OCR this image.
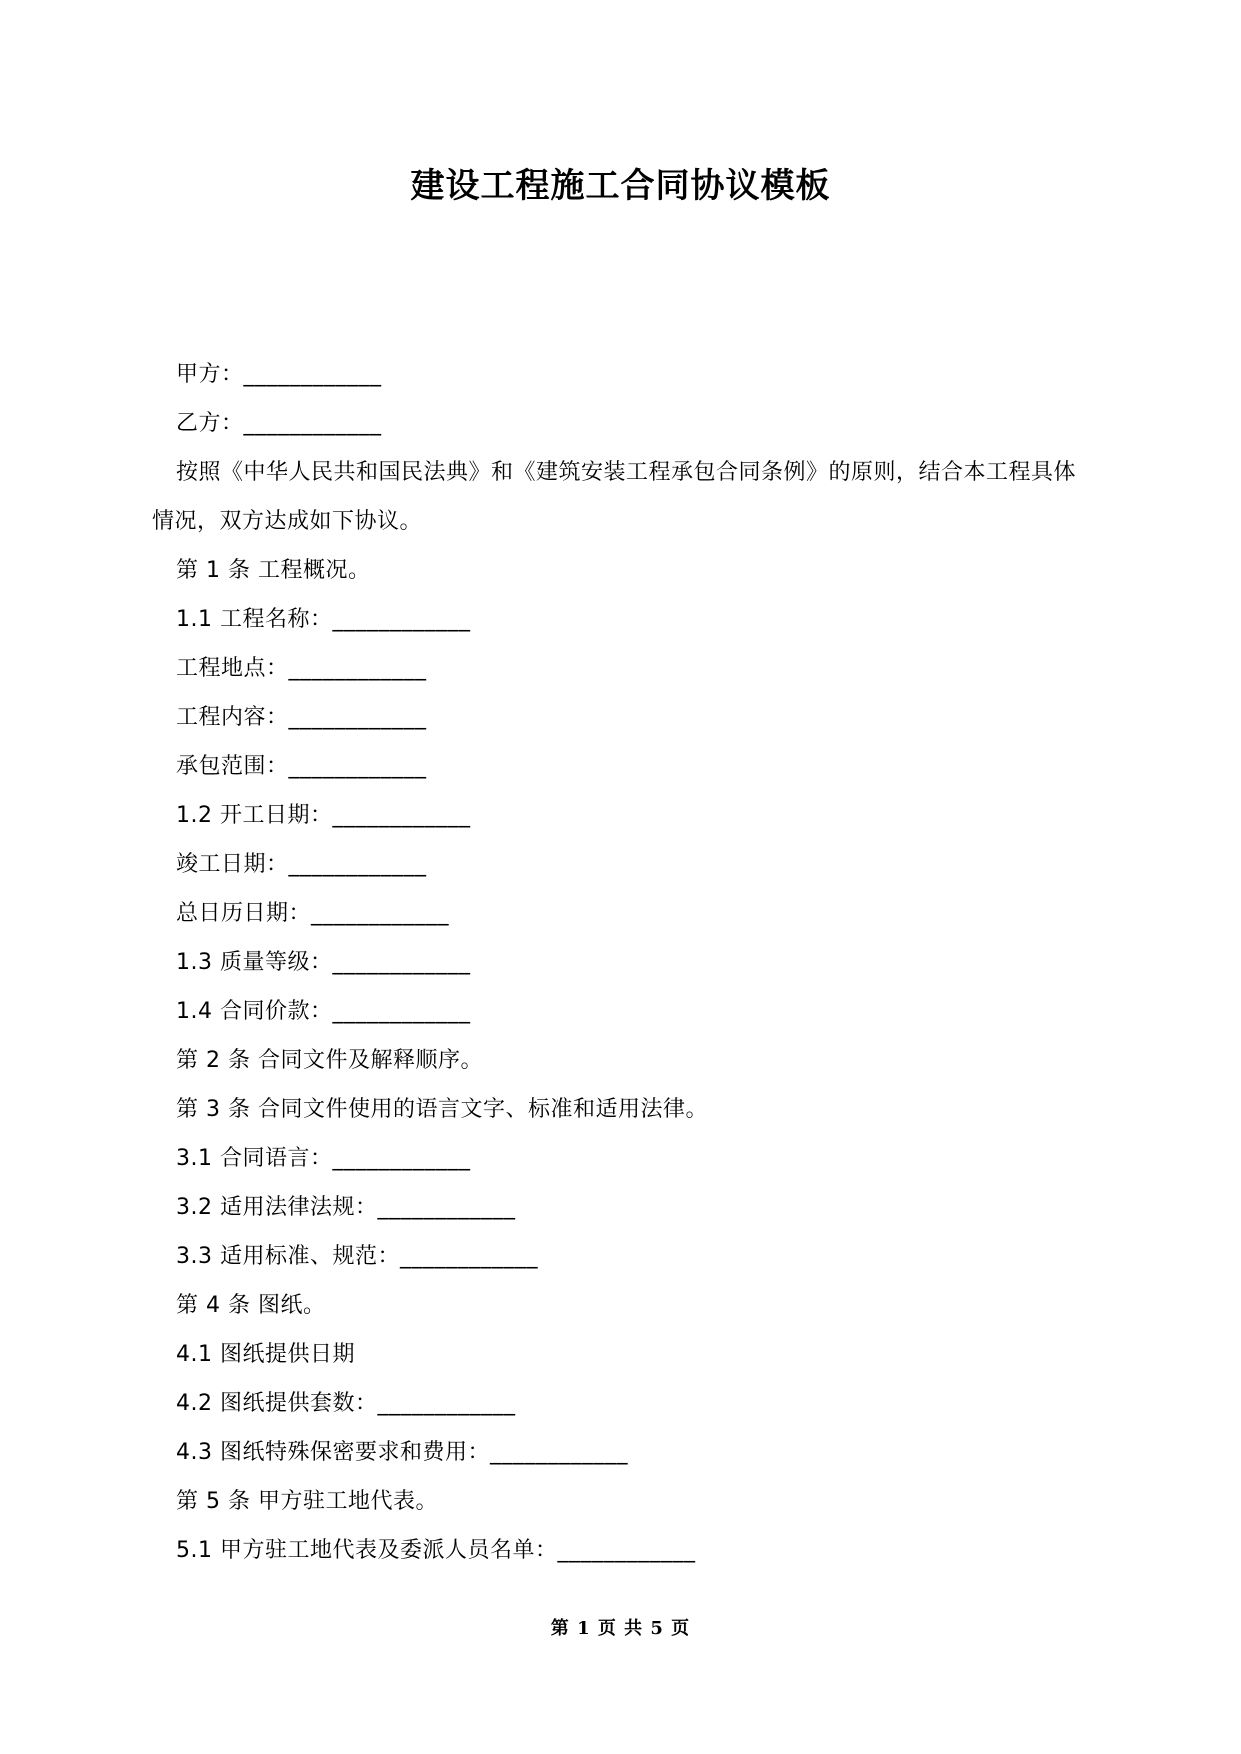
建设工程施工合同协议模板
甲方：____________
乙方：____________
按照《中华人民共和国民法典》和《建筑安装工程承包合同条例》的原则，结合本工程具体情况，双方达成如下协议。
第 1 条 工程概况。
1.1 工程名称：____________
工程地点：____________
工程内容：____________
承包范围：____________
1.2 开工日期：____________
竣工日期：____________
总日历日期：____________
1.3 质量等级：____________
1.4 合同价款：____________
第 2 条 合同文件及解释顺序。
第 3 条 合同文件使用的语言文字、标准和适用法律。
3.1 合同语言：____________
3.2 适用法律法规：____________
3.3 适用标准、规范：____________
第 4 条 图纸。
4.1 图纸提供日期
4.2 图纸提供套数：____________
4.3 图纸特殊保密要求和费用：____________
第 5 条 甲方驻工地代表。
5.1 甲方驻工地代表及委派人员名单：____________
第 1 页 共 5 页
